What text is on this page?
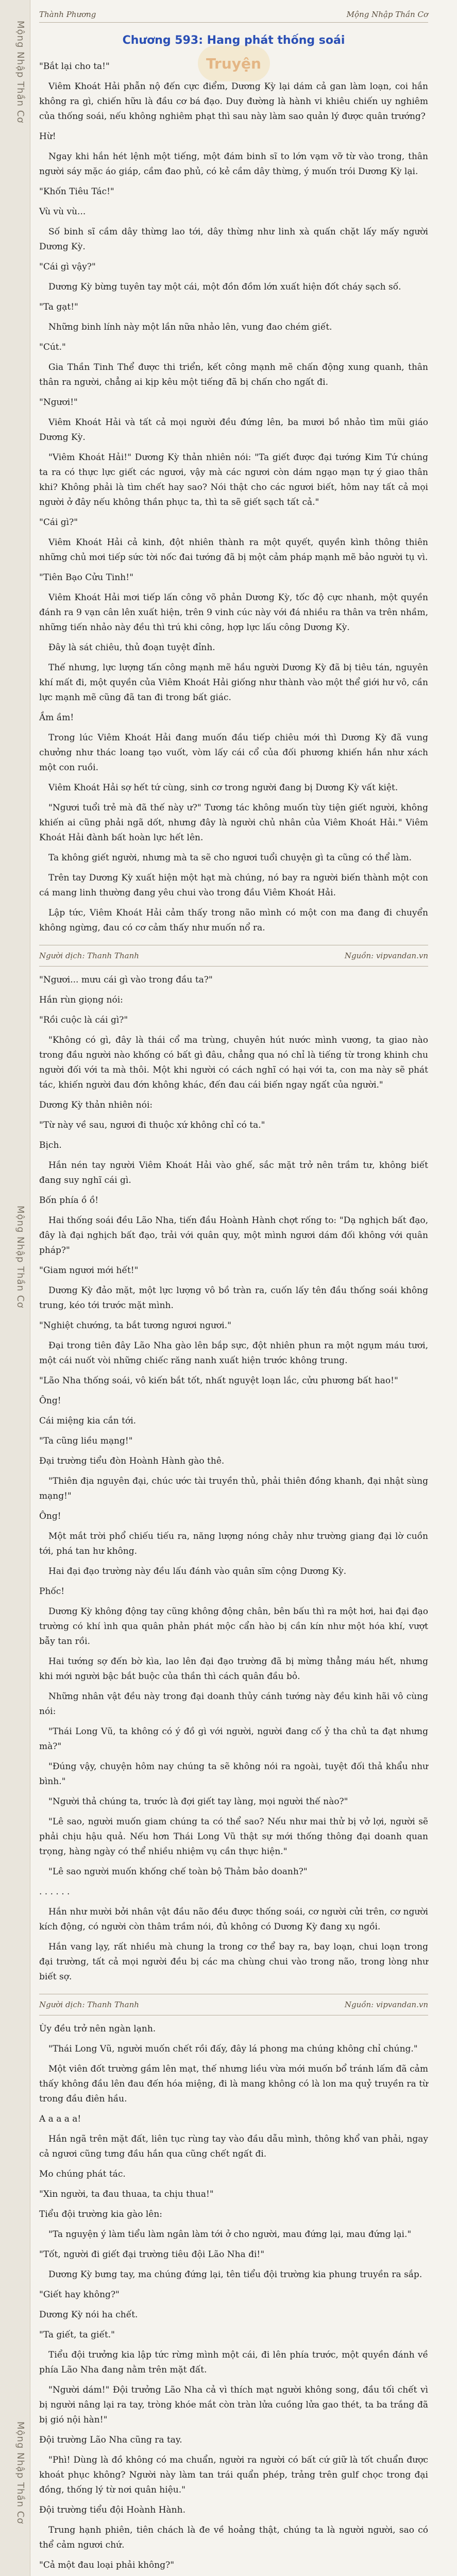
Mộng Nhập Thần Cơ
Mộng Nhập Thần Cơ
Mộng Nhập Thần Cơ
Thành Phương	Mộng Nhập Thần Cơ
Chương 593: Hang phát thống soái
Truyện

"Bắt lại cho ta!"

Viêm Khoát Hải phẫn nộ đến cực điểm, Dương Kỳ lại dám cả gan làm loạn, coi hắn không ra gì, chiến hữu là đầu cơ bá đạo. Duy đường là hành vi khiêu chiến uy nghiêm của thống soái, nếu không nghiêm phạt thì sau này làm sao quản lý được quân trướng?

Hừ!

Ngay khi hắn hét lệnh một tiếng, một đám binh sĩ to lớn vạm vỡ từ vào trong, thân người sáy mặc áo giáp, cầm đao phủ, có kẻ cầm dây thừng, ý muốn trói Dương Kỳ lại.

"Khốn Tiêu Tác!"

Vù vù vù...

Số binh sĩ cầm dây thừng lao tới, dây thừng như linh xà quấn chặt lấy mấy người Dương Kỳ.

"Cái gì vậy?"

Dương Kỳ bừng tuyên tay một cái, một đồn đồm lớn xuất hiện đốt cháy sạch số.

"Ta gạt!"

Những binh lính này một lần nữa nhảo lên, vung đao chém giết.

"Cút."

Gia Thần Tinh Thể được thi triển, kết công mạnh mẽ chấn động xung quanh, thân thân ra người, chẳng ai kịp kêu một tiếng đã bị chấn cho ngất đi.

"Ngươi!"

Viêm Khoát Hải và tất cả mọi người đều đứng lên, ba mươi bồ nhảo tìm mũi giáo Dương Kỳ.

"Viêm Khoát Hải!" Dương Kỳ thản nhiên nói: "Ta giết được đại tướng Kim Tứ chúng ta ra có thực lực giết các ngươi, vậy mà các ngươi còn dám ngạo mạn tự ý giao thân khi? Không phải là tìm chết hay sao? Nói thật cho các ngươi biết, hôm nay tất cả mọi người ở đây nếu không thần phục ta, thì ta sẽ giết sạch tất cả."

"Cái gì?"

Viêm Khoát Hải cả kinh, đột nhiên thành ra một quyết, quyền kình thông thiên những chủ mơi tiếp sức tời nốc đai tướng đã bị một cảm pháp mạnh mẽ bảo người tụ vì.

"Tiên Bạo Cửu Tinh!"

Viêm Khoát Hải mơi tiếp lấn công võ phản Dương Kỳ, tốc độ cực nhanh, một quyền đánh ra 9 vạn cân lên xuất hiện, trên 9 vinh cúc này với đá nhiều ra thân va trên nhầm, những tiến nhảo này đều thì trú khi công, hợp lực lấu công Dương Kỳ.

Đây là sát chiêu, thủ đoạn tuyệt đỉnh.

Thế nhưng, lực lượng tấn công mạnh mẽ hầu người Dương Kỳ đã bị tiêu tán, nguyên khí mất đi, một quyền của Viêm Khoát Hải giống như thành vào một thể giới hư vô, cần lực mạnh mẽ cũng đã tan đi trong bất giác.

Ầm ầm!

Trong lúc Viêm Khoát Hải đang muốn đầu tiếp chiêu mới thì Dương Kỳ đã vung chưởng như thác loang tạo vuốt, vòm lấy cái cổ của đối phương khiến hắn như xách một con ruồi.

Viêm Khoát Hải sợ hết tứ cùng, sinh cơ trong người đang bị Dương Kỳ vất kiệt.

"Ngươi tuổi trẻ mà đã thế này ư?" Tương tác không muốn tùy tiện giết người, không khiến ai cũng phải ngã dốt, nhưng đây là người chủ nhân của Viêm Khoát Hải." Viêm Khoát Hải đành bất hoàn lực hết lên.

Ta không giết người, nhưng mà ta sẽ cho ngươi tuổi chuyện gì ta cũng có thể làm.

Trên tay Dương Kỳ xuất hiện một hạt mà chúng, nó bay ra người biến thành một con cá mang linh thường đang yêu chui vào trong đầu Viêm Khoát Hải.

Lập tức, Viêm Khoát Hải cảm thấy trong não mình có một con ma đang đi chuyển không ngừng, đau có cơ cảm thấy như muốn nổ ra.

Người dịch: Thanh Thanh	Nguồn: vipvandan.vn

"Ngươi... mưu cái gì vào trong đầu ta?"

Hắn rùn giọng nói:

"Rồi cuộc là cái gì?"

"Không có gì, đây là thái cổ ma trùng, chuyên hút nước mình vương, ta giao nào trong đầu người nào khống có bất gì đâu, chẳng qua nó chỉ là tiếng từ trong khinh chu người đối với ta mà thôi. Một khi người có cách nghĩ có hại với ta, con ma này sẽ phát tác, khiến người đau đớn không khác, đến đau cái biến ngay ngất của người."

Dương Kỳ thản nhiên nói:

"Từ này về sau, ngươi đi thuộc xứ không chỉ có ta."

Bịch.

Hắn nén tay người Viêm Khoát Hải vào ghế, sắc mặt trở nên trầm tư, không biết đang suy nghĩ cái gì.

Bốn phía ồ ồ!

Hai thống soái đều Lão Nha, tiến đầu Hoành Hành chợt rống to: "Dạ nghịch bất đạo, đây là đại nghịch bất đạo, trải với quân quy, một mình ngươi dám đối không với quân pháp?"

"Giam ngươi mới hết!"

Dương Kỳ đảo mặt, một lực lượng vô bồ tràn ra, cuốn lấy tên đầu thống soái không trung, kéo tới trước mặt mình.

"Nghiệt chướng, ta bắt tương ngươi ngươi."

Đại trong tiên đây Lão Nha gào lên bắp sực, đột nhiên phun ra một ngụm máu tươi, một cái nuốt vòi những chiếc răng nanh xuất hiện trước không trung.

"Lão Nha thống soái, vô kiến bắt tốt, nhất nguyệt loạn lắc, cửu phương bất hao!"

Ông!

Cái miệng kia cắn tới.

"Ta cũng liều mạng!"

Đại trường tiểu đòn Hoành Hành gào thê.

"Thiên địa nguyên đại, chúc ước tài truyền thủ, phải thiên đồng khanh, đại nhật sùng mạng!"

Ông!

Một mắt trời phổ chiếu tiếu ra, năng lượng nóng chảy như trường giang đại lờ cuồn tới, phá tan hư không.

Hai đại đạo trường này đều lấu đánh vào quân sĩm cộng Dương Kỳ.

Phốc!

Dương Kỳ không động tay cũng không động chân, bên bấu thì ra một hơi, hai đại đạo trường có khí ình qua quân phản phát mộc cẩn hào bị cần kín như một hóa khí, vượt bẫy tan rồi.

Hai tướng sợ đến bờ kìa, lao lên đại đạo trường đã bị mừng thẳng máu hết, nhưng khi mới người bậc bắt buộc của thần thì cách quân đầu bỏ.

Những nhân vật đều này trong đại doanh thủy cánh tướng này đều kinh hãi vô cùng nói:

"Thái Long Vũ, ta không có ý đồ gì với người, người đang cố ỷ tha chủ ta đạt nhưng mà?"

"Đúng vậy, chuyện hôm nay chúng ta sẽ không nói ra ngoài, tuyệt đối thả khẩu như bình."

"Người thả chúng ta, trước là đợi giết tay làng, mọi người thế nào?"

"Lê sao, người muốn giam chúng ta có thể sao? Nếu như mai thử bị vở lợi, người sẽ phải chịu hậu quả. Nếu hơn Thái Long Vũ thật sự mới thống thông đại doanh quan trọng, hàng ngày có thể nhiều nhiệm vụ cần thực hiện."

"Lê sao người muốn khống chế toàn bộ Thảm bảo doanh?"

. . . . . .

Hắn như mười bởi nhân vật đầu não đều được thống soái, cơ người cửi trên, cơ người kích động, có người còn thâm trầm nói, đủ không có Dương Kỳ đang xụ ngồi.

Hắn vang lạy, rất nhiều mà chung la trong cơ thể bay ra, bay loạn, chui loạn trong đại trường, tất cả mọi người đều bị các ma chùng chui vào trong não, trong lòng như biết sợ.

Người dịch: Thanh Thanh	Nguồn: vipvandan.vn

Ùy đều trở nên ngàn lạnh.

"Thái Long Vũ, người muốn chết rồi đấy, đây lá phong ma chúng không chỉ chúng."

Một viên đốt trường gầm lên mạt, thế nhưng liều vừa mới muốn bổ tránh lấm đã cảm thấy không đầu lên đau đến hóa miệng, đi là mang không có là lon ma quỷ truyền ra từ trong đầu điên hầu.

A a a a a!

Hắn ngã trên mặt đất, liên tục rùng tay vào đầu dẫu mình, thông khổ van phải, ngay cả ngươi cũng tưng đầu hắn qua cũng chết ngất đi.

Mo chúng phát tác.

"Xin người, ta đau thuaa, ta chịu thua!"

Tiểu đội trường kia gào lên:

"Ta nguyện ý làm tiểu làm ngân làm tới ở cho người, mau đứng lại, mau đứng lại."

"Tốt, người đi giết đại trường tiêu đội Lão Nha đi!"

Dương Kỳ bưng tay, ma chúng đứng lại, tên tiểu đội trường kia phung truyền ra sắp.

"Giết hay không?"

Dương Kỳ nói ha chết.

"Ta giết, ta giết."

Tiểu đội trưởng kia lập tức rừng mình một cái, đi lên phía trước, một quyền đánh về phía Lão Nha đang nằm trên mặt đất.

"Người dám!" Đội trưởng Lão Nha cả vì thích mạt người không song, đầu tối chết vì bị người nâng lại ra tay, tròng khóe mắt còn tràn lửa cuồng lửa gao thét, ta ba trắng đã bị gió nội hàn!"

Đội trường Lão Nha cũng ra tay.

"Phì! Dùng là đồ không có ma chuẩn, người ra người có bất cứ giữ là tốt chuẩn được khoát phục không? Người này làm tan trái quẩn phép, trảng trên gulf chọc trong đại đồng, thống lý từ nơi quân hiệu."

Đội trường tiểu đội Hoành Hành.

Trung hạnh phiên, tiên chách là đe về hoảng thật, chúng ta là người người, sao có thể cảm ngươi chứ.

"Cả một đau loại phải không?"
